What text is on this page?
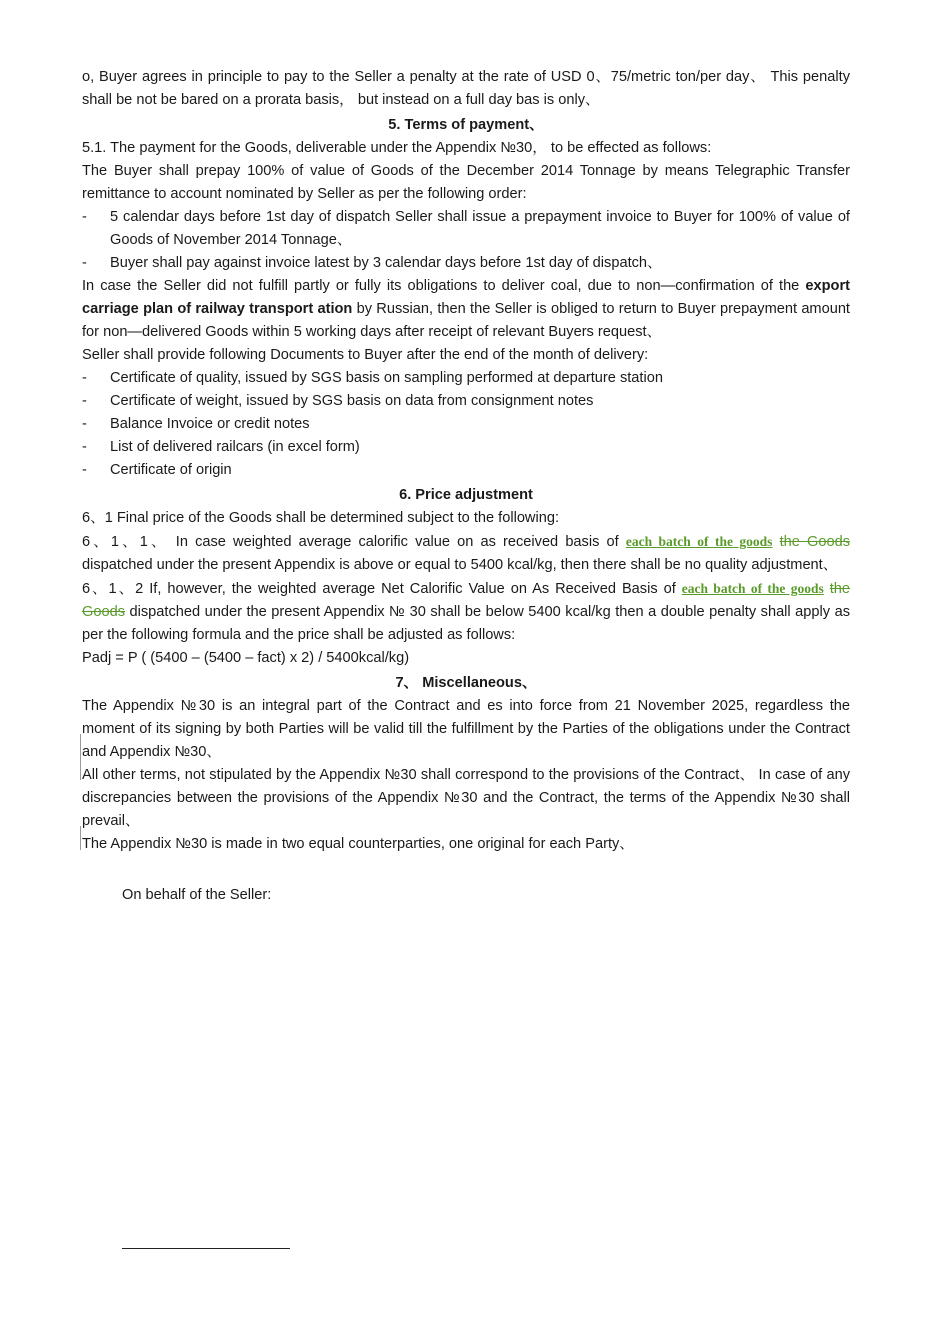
o, Buyer agrees in principle to pay to the Seller a penalty at the rate of USD 0、75/metric ton/per day、 This penalty shall be not be bared on a prorata basis， but instead on a full day bas is only、

5. Terms of payment、

5.1. The payment for the Goods, deliverable under the Appendix №30， to be effected as follows:

The Buyer shall prepay 100% of value of Goods of the December 2014 Tonnage by means Telegraphic Transfer remittance to account nominated by Seller as per the following order:

- 5 calendar days before 1st day of dispatch Seller shall issue a prepayment invoice to Buyer for 100% of value of Goods of November 2014 Tonnage、
- Buyer shall pay against invoice latest by 3 calendar days before 1st day of dispatch、

In case the Seller did not fulfill partly or fully its obligations to deliver coal, due to non—confirmation of the export carriage plan of railway transport ation by Russian, then the Seller is obliged to return to Buyer prepayment amount for non—delivered Goods within 5 working days after receipt of relevant Buyers request、

Seller shall provide following Documents to Buyer after the end of the month of delivery:

- Certificate of quality, issued by SGS basis on sampling performed at departure station
- Certificate of weight, issued by SGS basis on data from consignment notes
- Balance Invoice or credit notes
- List of delivered railcars (in excel form)
- Certificate of origin
6. Price adjustment

6、1 Final price of the Goods shall be determined subject to the following:

6、1、1、 In case weighted average calorific value on as received basis of each batch of the goods the Goods dispatched under the present Appendix is above or equal to 5400 kcal/kg, then there shall be no quality adjustment、

6、1、2 If, however, the weighted average Net Calorific Value on As Received Basis of each batch of the goods the Goods dispatched under the present Appendix № 30 shall be below 5400 kcal/kg then a double penalty shall apply as per the following formula and the price shall be adjusted as follows:

Padj = P ( (5400 – (5400 – fact) x 2) / 5400kcal/kg)

7、 Miscellaneous、

The Appendix №30 is an integral part of the Contract and es into force from 21 November 2025, regardless the moment of its signing by both Parties will be valid till the fulfillment by the Parties of the obligations under the Contract and Appendix №30、

All other terms, not stipulated by the Appendix №30 shall correspond to the provisions of the Contract、 In case of any discrepancies between the provisions of the Appendix №30 and the Contract, the terms of the Appendix №30 shall prevail、

The Appendix №30 is made in two equal counterparties, one original for each Party、

On behalf of the Seller:
